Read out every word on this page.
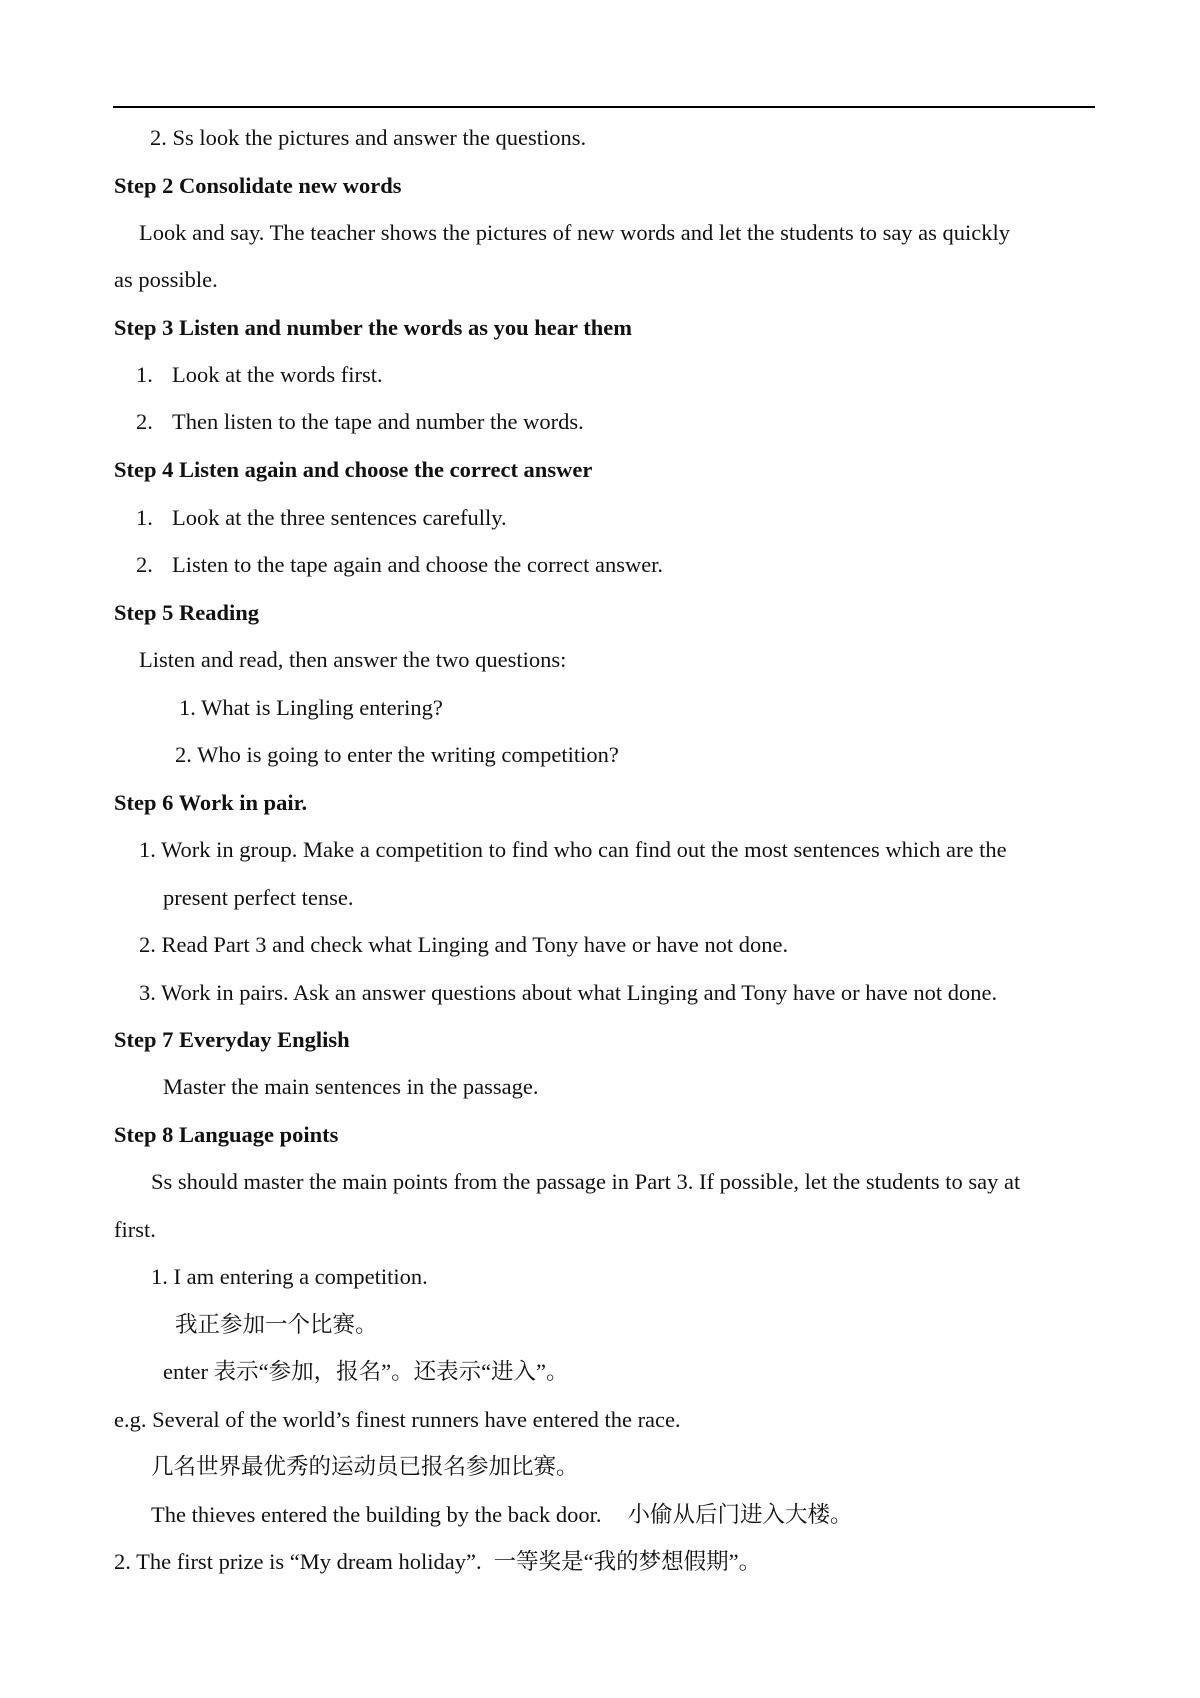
2. Ss look the pictures and answer the questions.
Step 2 Consolidate new words
Look and say. The teacher shows the pictures of new words and let the students to say as quickly
as possible.
Step 3 Listen and number the words as you hear them
1. Look at the words first.
2. Then listen to the tape and number the words.
Step 4 Listen again and choose the correct answer
1. Look at the three sentences carefully.
2. Listen to the tape again and choose the correct answer.
Step 5 Reading
Listen and read, then answer the two questions:
1. What is Lingling entering?
2. Who is going to enter the writing competition?
Step 6 Work in pair.
1. Work in group. Make a competition to find who can find out the most sentences which are the
present perfect tense.
2. Read Part 3 and check what Linging and Tony have or have not done.
3. Work in pairs. Ask an answer questions about what Linging and Tony have or have not done.
Step 7 Everyday English
Master the main sentences in the passage.
Step 8 Language points
Ss should master the main points from the passage in Part 3. If possible, let the students to say at
first.
1. I am entering a competition.
我正参加一个比赛。
enter 表示“参加，报名”。还表示“进入”。
e.g. Several of the world’s finest runners have entered the race.
几名世界最优秀的运动员已报名参加比赛。
The thieves entered the building by the back door. 小偷从后门进入大楼。
2. The first prize is “My dream holiday”. 一等奖是“我的梦想假期”。
